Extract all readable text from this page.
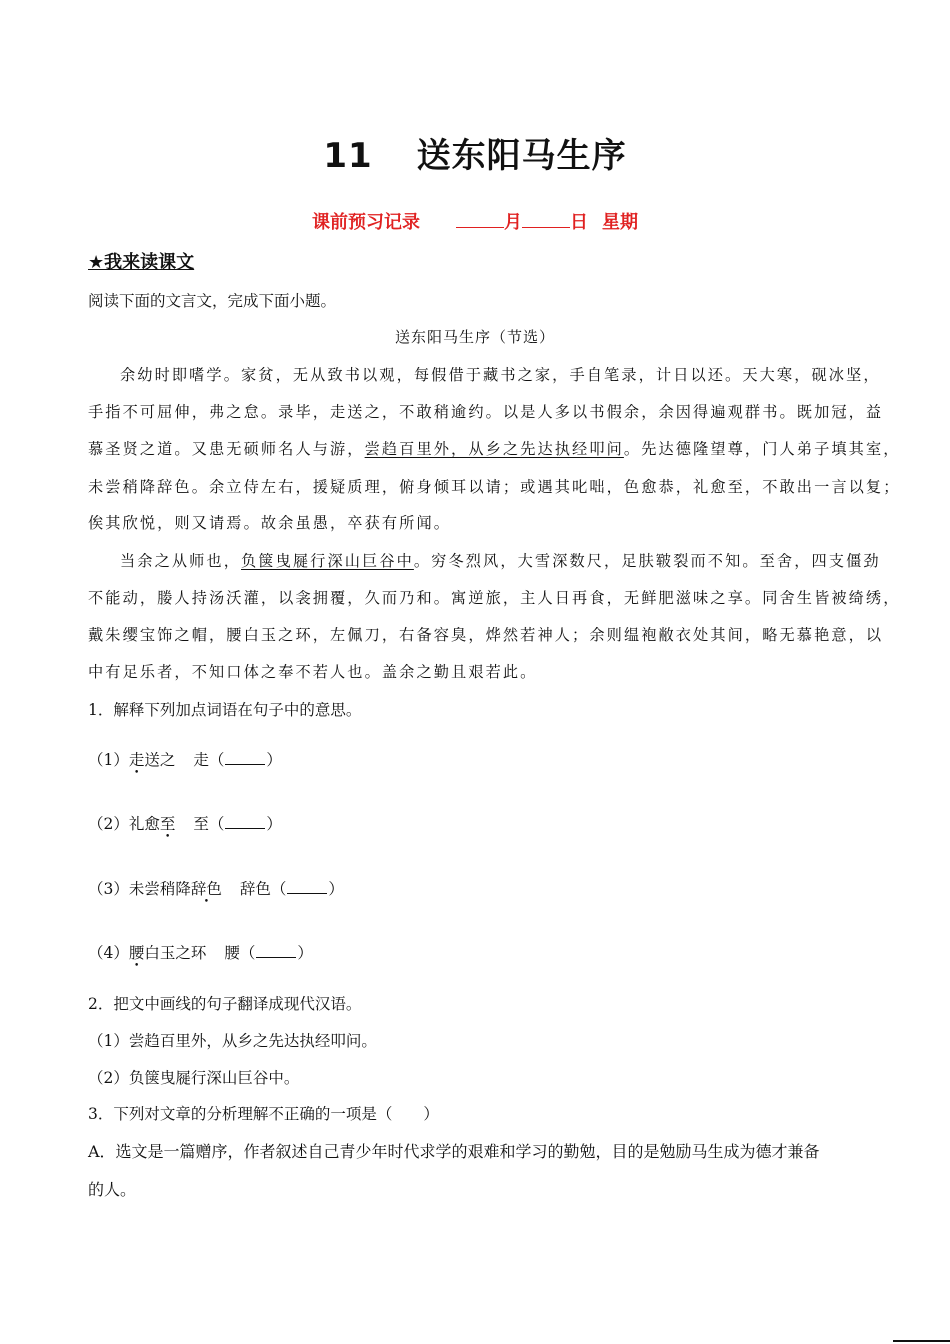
11 送东阳马生序
课前预习记录	月	日 星期
★我来读课文
阅读下面的文言文，完成下面小题。
送东阳马生序（节选）
余幼时即嗜学。家贫，无从致书以观，每假借于藏书之家，手自笔录，计日以还。天大寒，砚冰坚，
手指不可屈伸，弗之怠。录毕，走送之，不敢稍逾约。以是人多以书假余，余因得遍观群书。既加冠，益
慕圣贤之道。又患无硕师名人与游，尝趋百里外，从乡之先达执经叩问。先达德隆望尊，门人弟子填其室，
未尝稍降辞色。余立侍左右，援疑质理，俯身倾耳以请；或遇其叱咄，色愈恭，礼愈至，不敢出一言以复；
俟其欣悦，则又请焉。故余虽愚，卒获有所闻。
当余之从师也，负箧曳屣行深山巨谷中。穷冬烈风，大雪深数尺，足肤皲裂而不知。至舍，四支僵劲
不能动，媵人持汤沃灌，以衾拥覆，久而乃和。寓逆旅，主人日再食，无鲜肥滋味之享。同舍生皆被绮绣，
戴朱缨宝饰之帽，腰白玉之环，左佩刀，右备容臭，烨然若神人；余则缊袍敝衣处其间，略无慕艳意，以
中有足乐者，不知口体之奉不若人也。盖余之勤且艰若此。
1．解释下列加点词语在句子中的意思。
（1）走送之 走（	）
（2）礼愈至 至（	）
（3）未尝稍降辞色 辞色（	）
（4）腰白玉之环 腰（	）
2．把文中画线的句子翻译成现代汉语。
（1）尝趋百里外，从乡之先达执经叩问。
（2）负箧曳屣行深山巨谷中。
3．下列对文章的分析理解不正确的一项是（　　）
A．选文是一篇赠序，作者叙述自己青少年时代求学的艰难和学习的勤勉，目的是勉励马生成为德才兼备
的人。
